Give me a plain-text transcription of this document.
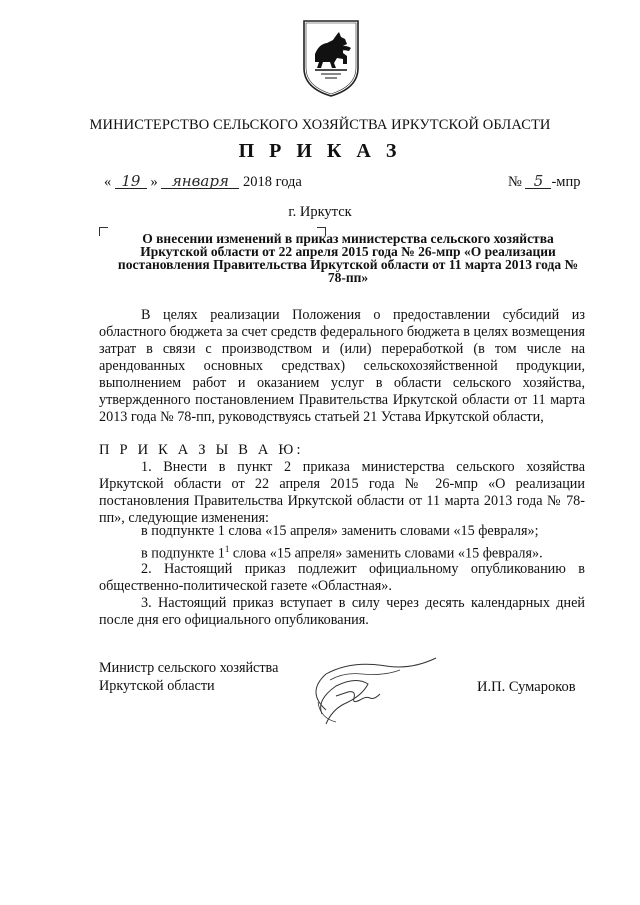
МИНИСТЕРСТВО СЕЛЬСКОГО ХОЗЯЙСТВА ИРКУТСКОЙ ОБЛАСТИ
П Р И К А З
« 19 » января 2018 года	№ 5 -мпр
г. Иркутск
О внесении изменений в приказ министерства сельского хозяйства Иркутской области от 22 апреля 2015 года № 26-мпр «О реализации постановления Правительства Иркутской области от 11 марта 2013 года № 78-пп»
В целях реализации Положения о предоставлении субсидий из областного бюджета за счет средств федерального бюджета в целях возмещения затрат в связи с производством и (или) переработкой (в том числе на арендованных основных средствах) сельскохозяйственной продукции, выполнением работ и оказанием услуг в области сельского хозяйства, утвержденного постановлением Правительства Иркутской области от 11 марта 2013 года № 78-пп, руководствуясь статьей 21 Устава Иркутской области,
П Р И К А З Ы В А Ю:
1. Внести в пункт 2 приказа министерства сельского хозяйства Иркутской области от 22 апреля 2015 года № 26-мпр «О реализации постановления Правительства Иркутской области от 11 марта 2013 года № 78-пп», следующие изменения:
в подпункте 1 слова «15 апреля» заменить словами «15 февраля»;
в подпункте $1^1$ слова «15 апреля» заменить словами «15 февраля».
2. Настоящий приказ подлежит официальному опубликованию в общественно-политической газете «Областная».
3. Настоящий приказ вступает в силу через десять календарных дней после дня его официального опубликования.
Министр сельского хозяйства
Иркутской области	И.П. Сумароков
